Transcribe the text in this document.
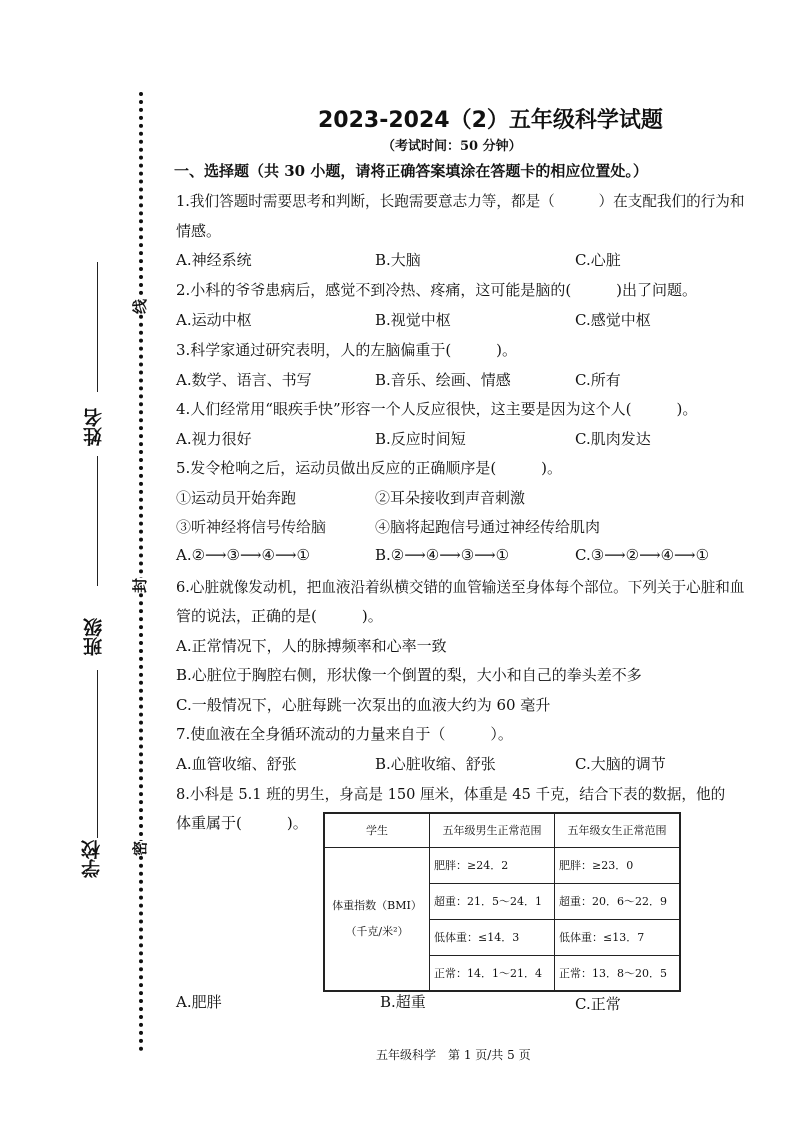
姓名
班级
学校
线
封
密
2023-2024（2）五年级科学试题
（考试时间：50 分钟）
一、选择题（共 30 小题，请将正确答案填涂在答题卡的相应位置处。）
1.我们答题时需要思考和判断，长跑需要意志力等，都是（　　　）在支配我们的行为和
情感。
A.神经系统	B.大脑	C.心脏
2.小科的爷爷患病后，感觉不到冷热、疼痛，这可能是脑的(　　　)出了问题。
A.运动中枢	B.视觉中枢	C.感觉中枢
3.科学家通过研究表明，人的左脑偏重于(　　　)。
A.数学、语言、书写	B.音乐、绘画、情感	C.所有
4.人们经常用“眼疾手快”形容一个人反应很快，这主要是因为这个人(　　　)。
A.视力很好	B.反应时间短	C.肌肉发达
5.发令枪响之后，运动员做出反应的正确顺序是(　　　)。
①运动员开始奔跑	②耳朵接收到声音刺激
③听神经将信号传给脑	④脑将起跑信号通过神经传给肌肉
A.②⟶③⟶④⟶①	B.②⟶④⟶③⟶①	C.③⟶②⟶④⟶①
6.心脏就像发动机，把血液沿着纵横交错的血管输送至身体每个部位。下列关于心脏和血
管的说法，正确的是(　　　)。
A.正常情况下，人的脉搏频率和心率一致
B.心脏位于胸腔右侧，形状像一个倒置的梨，大小和自己的拳头差不多
C.一般情况下，心脏每跳一次泵出的血液大约为 60 毫升
7.使血液在全身循环流动的力量来自于（　　　）。
A.血管收缩、舒张	B.心脏收缩、舒张	C.大脑的调节
8.小科是 5.1 班的男生，身高是 150 厘米，体重是 45 千克，结合下表的数据，他的
体重属于(　　　)。	学生	五年级男生正常范围	五年级女生正常范围

体重指数（BMI）
（千克/米²）	肥胖：≥24．2	肥胖：≥23．0
	超重：21．5～24．1	超重：20．6～22．9
	低体重：≤14．3	低体重：≤13．7
	正常：14．1～21．4	正常：13．8～20．5
A.肥胖	B.超重	C.正常
五年级科学　第 1 页/共 5 页
